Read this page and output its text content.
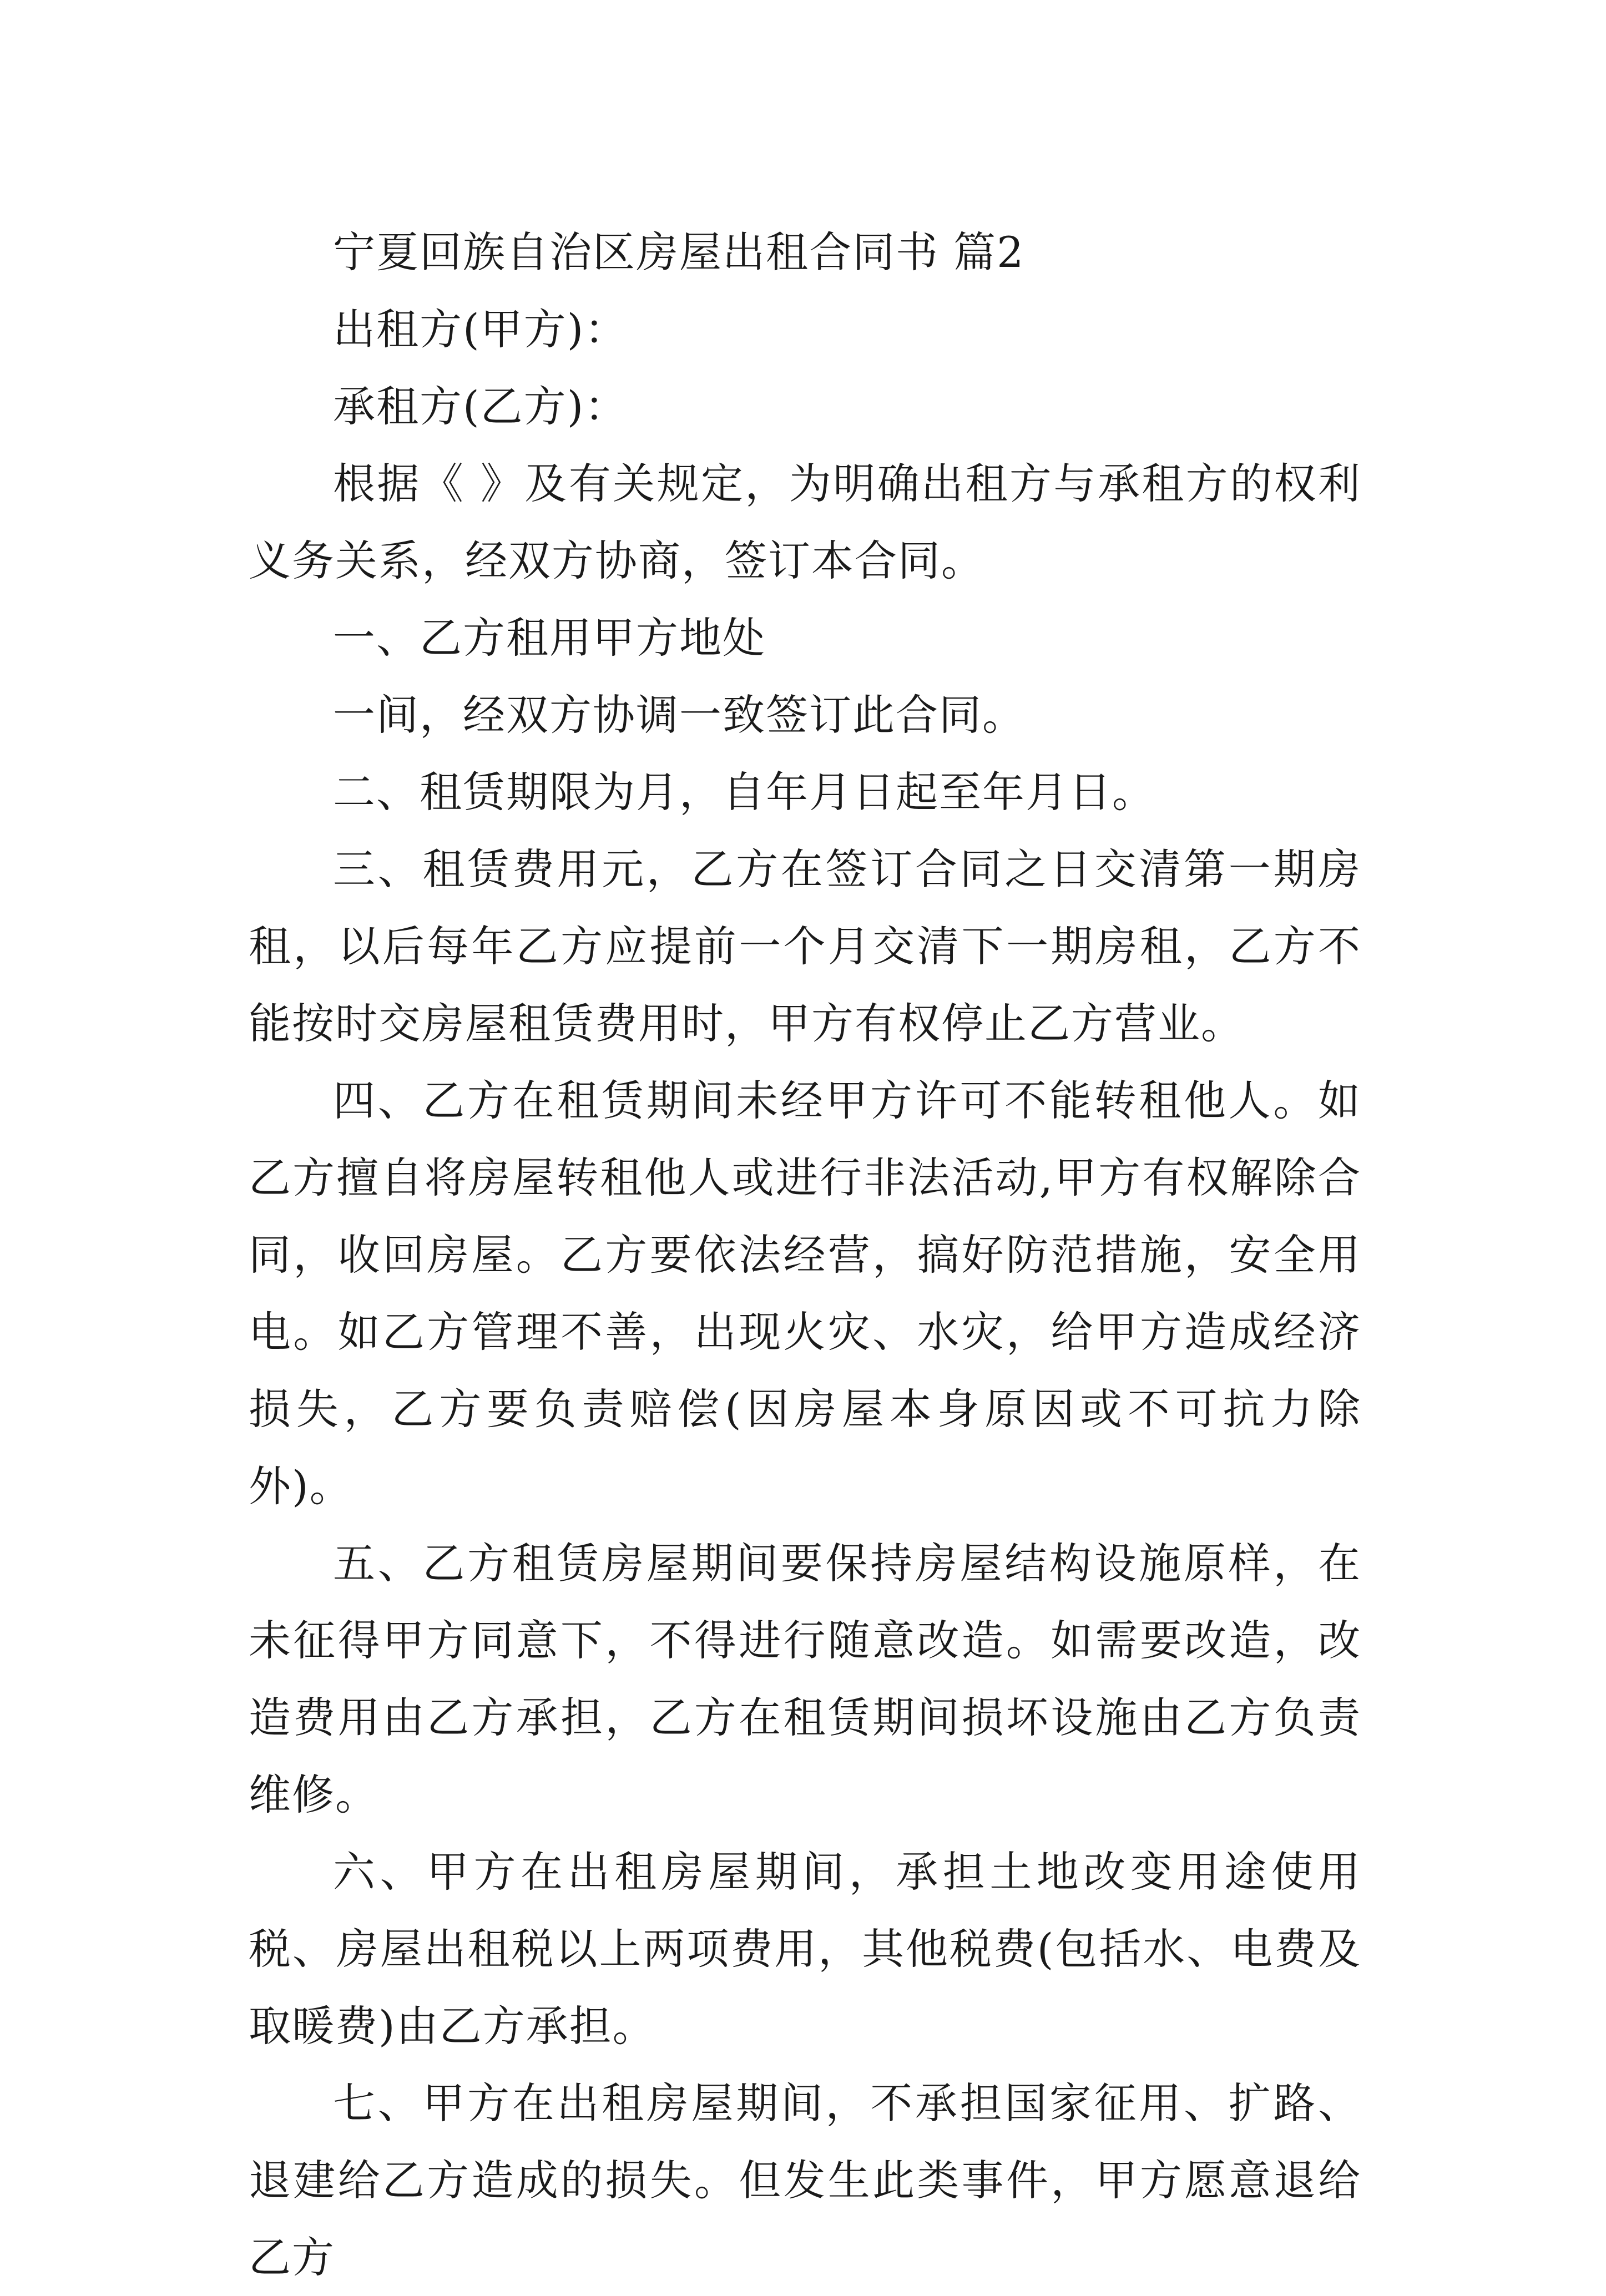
宁夏回族自治区房屋出租合同书 篇2

出租方(甲方)：

承租方(乙方)：

根据《 》及有关规定，为明确出租方与承租方的权利义务关系，经双方协商，签订本合同。

一、乙方租用甲方地处

一间，经双方协调一致签订此合同。

二、租赁期限为月，自年月日起至年月日。

三、租赁费用元，乙方在签订合同之日交清第一期房租，以后每年乙方应提前一个月交清下一期房租，乙方不能按时交房屋租赁费用时，甲方有权停止乙方营业。

四、乙方在租赁期间未经甲方许可不能转租他人。如乙方擅自将房屋转租他人或进行非法活动,甲方有权解除合同，收回房屋。乙方要依法经营，搞好防范措施，安全用电。如乙方管理不善，出现火灾、水灾，给甲方造成经济损失，乙方要负责赔偿(因房屋本身原因或不可抗力除外)。

五、乙方租赁房屋期间要保持房屋结构设施原样，在未征得甲方同意下，不得进行随意改造。如需要改造，改造费用由乙方承担，乙方在租赁期间损坏设施由乙方负责维修。

六、甲方在出租房屋期间，承担土地改变用途使用税、房屋出租税以上两项费用，其他税费(包括水、电费及取暖费)由乙方承担。

七、甲方在出租房屋期间，不承担国家征用、扩路、退建给乙方造成的损失。但发生此类事件，甲方愿意退给乙方
